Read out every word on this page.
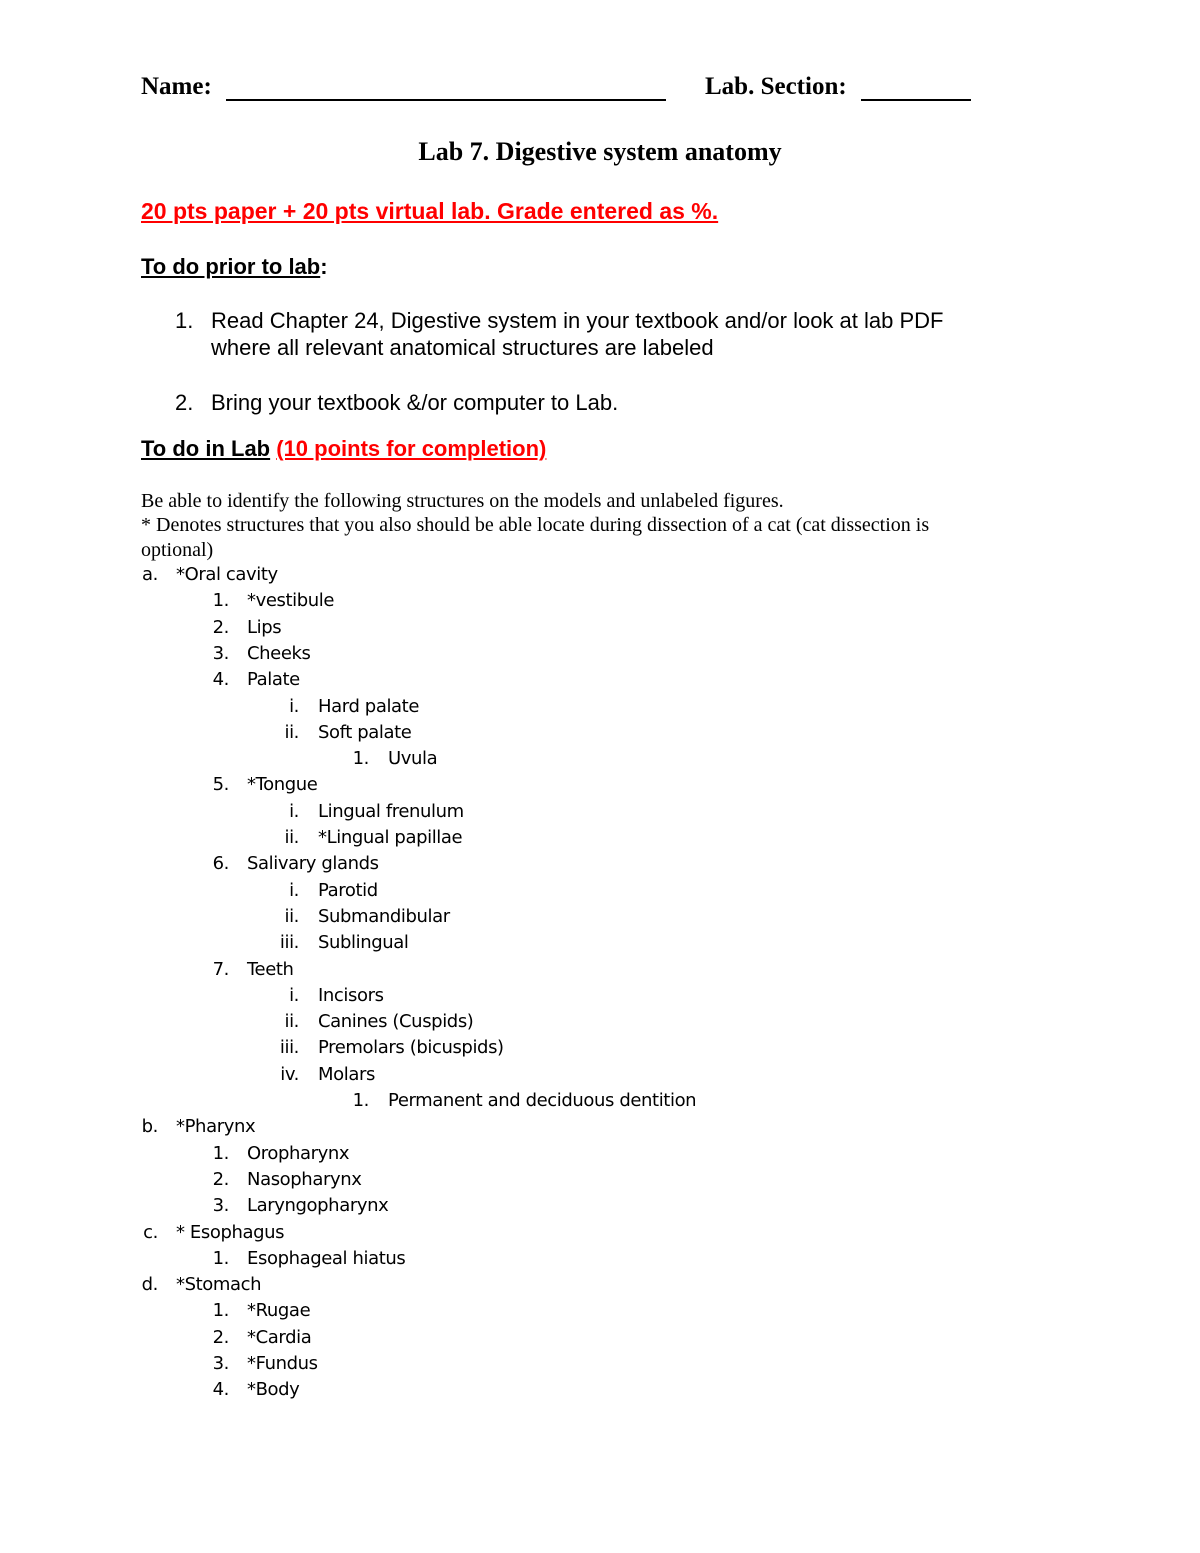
Name:	Lab. Section:
Lab 7. Digestive system anatomy
20 pts paper + 20 pts virtual lab. Grade entered as %.
To do prior to lab:
1. Read Chapter 24, Digestive system in your textbook and/or look at lab PDF
where all relevant anatomical structures are labeled
2. Bring your textbook &/or computer to Lab.
To do in Lab (10 points for completion)
Be able to identify the following structures on the models and unlabeled figures.
* Denotes structures that you also should be able locate during dissection of a cat (cat dissection is
optional)
a. *Oral cavity
1. *vestibule
2. Lips
3. Cheeks
4. Palate
i. Hard palate
ii. Soft palate
1. Uvula
5. *Tongue
i. Lingual frenulum
ii. *Lingual papillae
6. Salivary glands
i. Parotid
ii. Submandibular
iii. Sublingual
7. Teeth
i. Incisors
ii. Canines (Cuspids)
iii. Premolars (bicuspids)
iv. Molars
1. Permanent and deciduous dentition
b. *Pharynx
1. Oropharynx
2. Nasopharynx
3. Laryngopharynx
c. * Esophagus
1. Esophageal hiatus
d. *Stomach
1. *Rugae
2. *Cardia
3. *Fundus
4. *Body
